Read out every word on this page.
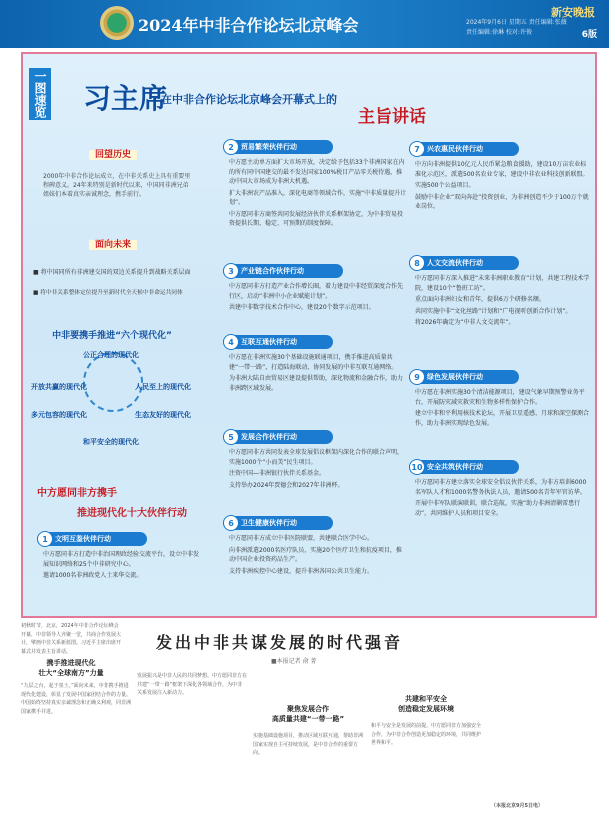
2024年中非合作论坛北京峰会	2024年9月6日 星期五 责任编辑:张薇
责任编辑:徐琳 校对:许俊
新安晚报
6版
一图速览 习主席
在中非合作论坛北京峰会开幕式上的
主旨讲话
回望历史
2000年中非合作论坛成立，在中非关系史上具有重要里程碑意义。24年来特别是新时代以来，中国同非洲兄弟姐妹们本着真实亲诚理念，携手前行。
面向未来
■ 将中国同所有非洲建交国的双边关系提升到战略关系层面
■ 将中非关系整体定位提升至新时代全天候中非命运共同体
中非要携手推进“六个现代化”
公正合理的现代化
开放共赢的现代化	人民至上的现代化
多元包容的现代化	生态友好的现代化
和平安全的现代化
中方愿同非方携手
推进现代化十大伙伴行动
1	文明互鉴伙伴行动

中方愿同非方打造中非治国理政经验交流平台，设立中非发展知识网络和25个中非研究中心。

邀请1000名非洲政党人士来华交流。

2	贸易繁荣伙伴行动

中方愿主动单方面扩大市场开放，决定给予包括33个非洲国家在内的所有同中国建交的最不发达国家100%税目产品零关税待遇，推动中国大市场成为非洲大机遇。

扩大非洲农产品准入，深化电商等领域合作，实施“中非质量提升计划”。

中方愿同非方商签共同发展经济伙伴关系框架协定，为中非贸易投资提供长期、稳定、可预期的制度保障。

3	产业链合作伙伴行动

中方愿同非方打造产业合作增长圈，着力建设中非经贸深度合作先行区，启动“非洲中小企业赋能计划”。

共建中非数字技术合作中心，建设20个数字示范项目。

4	互联互通伙伴行动

中方愿在非洲实施30个基础设施联通项目，携手推进高质量共建“一带一路”，打造陆海联动、协同发展的中非互联互通网络。

为非洲大陆自由贸易区建设提供帮助，深化物流和金融合作，助力非洲跨区域发展。

5	发展合作伙伴行动

中方愿同非方共同发表全球发展倡议框架内深化合作的联合声明，实施1000个“小而美”民生项目。

注资中国—非洲银行伙伴关系基金。

支持举办2024年贾德会和2027年非洲杯。

6	卫生健康伙伴行动

中方愿同非方成立中非医院联盟，共建联合医学中心。

向非洲派遣2000名医疗队员，实施20个医疗卫生和抗疫项目，推动中国企业投资药品生产。

支持非洲疾控中心建设，提升非洲各国公共卫生能力。

7	兴农惠民伙伴行动

中方向非洲提供10亿元人民币紧急粮食援助，建设10万亩农业标准化示范区，派遣500名农业专家，建设中非农业科技创新联盟。

实施500个公益项目。

鼓励中非企业“双向奔赴”投资创业，为非洲创造不少于100万个就业岗位。

8	人文交流伙伴行动

中方愿同非方深入推进“未来非洲职业教育”计划，共建工程技术学院，建设10个“鲁班工坊”。

重点面向非洲妇女和青年，提供6万个研修名额。

共同实施中非“文化丝路”计划和“广电视听创新合作计划”。

将2026年确定为“中非人文交流年”。

9	绿色发展伙伴行动

中方愿在非洲实施30个清洁能源项目，建设气象早期预警业务平台，开展防灾减灾救灾和生物多样性保护合作。

建立中非和平利用核技术论坛，开展卫星遥感、月球和深空探测合作，助力非洲实现绿色发展。

10 安全共筑伙伴行动

中方愿同非方建立落实全球安全倡议伙伴关系，为非方培训6000名军队人才和1000名警务执法人员，邀请500名青年军官访华。

开展中非军队联演联训，联合巡航，实施“助力非洲清剿雷患行动”，共同维护人员和项目安全。

发出中非共谋发展的时代强音
■本报记者 俞 菁
初秋时节，北京，2024年中非合作论坛峰会开幕，中非领导人齐聚一堂，共商合作发展大计，擘画中非关系新蓝图。习近平主席出席开幕式并发表主旨讲话。
携手推进现代化
壮大“全球南方”力量
“九层之台，起于垒土。”面向未来，中非携手推进现代化建设，彰显了发展中国家团结合作的力量。中国始终坚持真实亲诚理念和正确义利观，同非洲国家携手并进。
发展振兴是中非人民的共同梦想。中方愿同非方在共建“一带一路”框架下深化各领域合作，为中非关系发展注入新动力。
聚焦发展合作
高质量共建“一带一路”
实施基础设施项目，推动区域互联互通，帮助非洲国家实现自主可持续发展，是中非合作的重要方向。
共建和平安全
创造稳定发展环境
和平与安全是发展的前提。中方愿同非方加强安全合作，为中非合作创造更加稳定的环境，共同维护世界和平。
（本报北京9月5日电）
